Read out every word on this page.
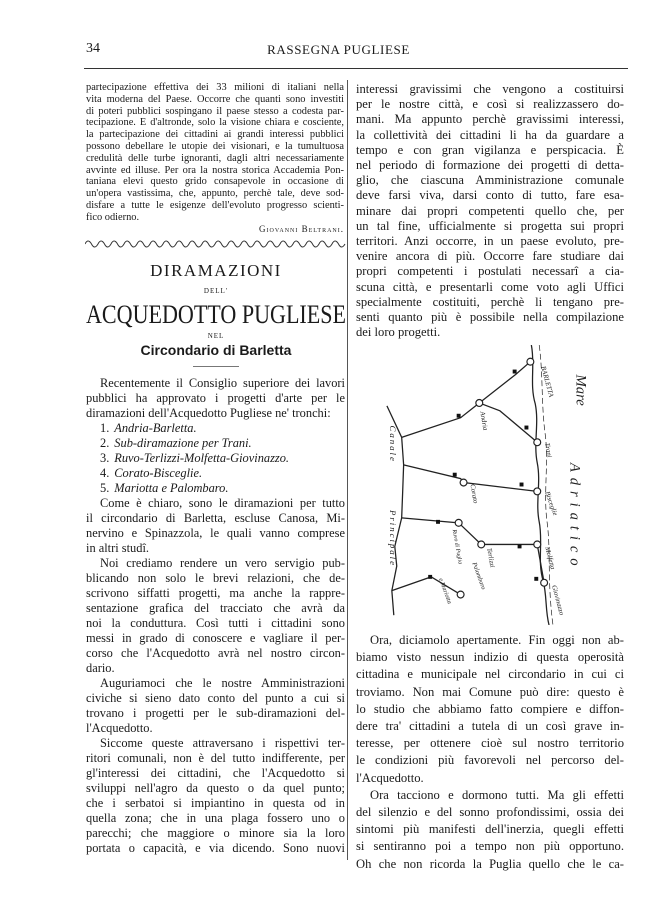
34	RASSEGNA PUGLIESE
partecipazione effettiva dei 33 milioni di italiani nella
vita moderna del Paese. Occorre che quanti sono investiti
di poteri pubblici sospingano il paese stesso a codesta par-
tecipazione. E d'altronde, solo la visione chiara e cosciente,
la partecipazione dei cittadini ai grandi interessi pubblici
possono debellare le utopie dei visionari, e la tumultuosa
credulità delle turbe ignoranti, dagli altri necessariamente
avvinte ed illuse. Per ora la nostra storica Accademia Pon-
taniana elevi questo grido consapevole in occasione di
un'opera vastissima, che, appunto, perchè tale, deve sod-
disfare a tutte le esigenze dell'evoluto progresso scienti-
fico odierno.
Giovanni Beltrani.
DIRAMAZIONI
DELL'
ACQUEDOTTO PUGLIESE
NEL
Circondario di Barletta
Recentemente il Consiglio superiore dei lavori
pubblici ha approvato i progetti d'arte per le
diramazioni dell'Acquedotto Pugliese ne' tronchi:
1. Andria-Barletta.
2. Sub-diramazione per Trani.
3. Ruvo-Terlizzi-Molfetta-Giovinazzo.
4. Corato-Bisceglie.
5. Mariotta e Palombaro.
Come è chiaro, sono le diramazioni per tutto
il circondario di Barletta, escluse Canosa, Mi-
nervino e Spinazzola, le quali vanno comprese
in altri studî.
Noi crediamo rendere un vero servigio pub-
blicando non solo le brevi relazioni, che de-
scrivono siffatti progetti, ma anche la rappre-
sentazione grafica del tracciato che avrà da
noi la conduttura. Così tutti i cittadini sono
messi in grado di conoscere e vagliare il per-
corso che l'Acquedotto avrà nel nostro circon-
dario.
Auguriamoci che le nostre Amministrazioni
civiche si sieno dato conto del punto a cui si
trovano i progetti per le sub-diramazioni del-
l'Acquedotto.
Siccome queste attraversano i rispettivi ter-
ritori comunali, non è del tutto indifferente, per
gl'interessi dei cittadini, che l'Acquedotto si
sviluppi nell'agro da questo o da quel punto;
che i serbatoi si impiantino in questa od in
quella zona; che in una plaga fossero uno o
parecchi; che maggiore o minore sia la loro
portata o capacità, e via dicendo. Sono nuovi
interessi gravissimi che vengono a costituirsi
per le nostre città, e così si realizzassero do-
mani. Ma appunto perchè gravissimi interessi,
la collettività dei cittadini li ha da guardare a
tempo e con gran vigilanza e perspicacia. È
nel periodo di formazione dei progetti di detta-
glio, che ciascuna Amministrazione comunale
deve farsi viva, darsi conto di tutto, fare esa-
minare dai propri competenti quello che, per
un tal fine, ufficialmente si progetta sui propri
territori. Anzi occorre, in un paese evoluto, pre-
venire ancora di più. Occorre fare studiare dai
propri competenti i postulati necessarî a cia-
scuna città, e presentarli come voto agli Uffici
specialmente costituiti, perchè li tengano pre-
senti quanto più è possibile nella compilazione
dei loro progetti.
Mare
Adriatico
BARLETTA
Andria
Trani
Canale
Principale
Corato	Bisceglie
Ruvo di Puglia	Terlizzi	Molfetta
Giovinazzo
Palombaro
e Mariotta
Ora, diciamolo apertamente. Fin oggi non ab-
biamo visto nessun indizio di questa operosità
cittadina e municipale nel circondario in cui ci
troviamo. Non mai Comune può dire: questo è
lo studio che abbiamo fatto compiere e diffon-
dere tra' cittadini a tutela di un così grave in-
teresse, per ottenere cioè sul nostro territorio
le condizioni più favorevoli nel percorso del-
l'Acquedotto.
Ora tacciono e dormono tutti. Ma gli effetti
del silenzio e del sonno profondissimi, ossia dei
sintomi più manifesti dell'inerzia, quegli effetti
si sentiranno poi a tempo non più opportuno.
Oh che non ricorda la Puglia quello che le ca-
